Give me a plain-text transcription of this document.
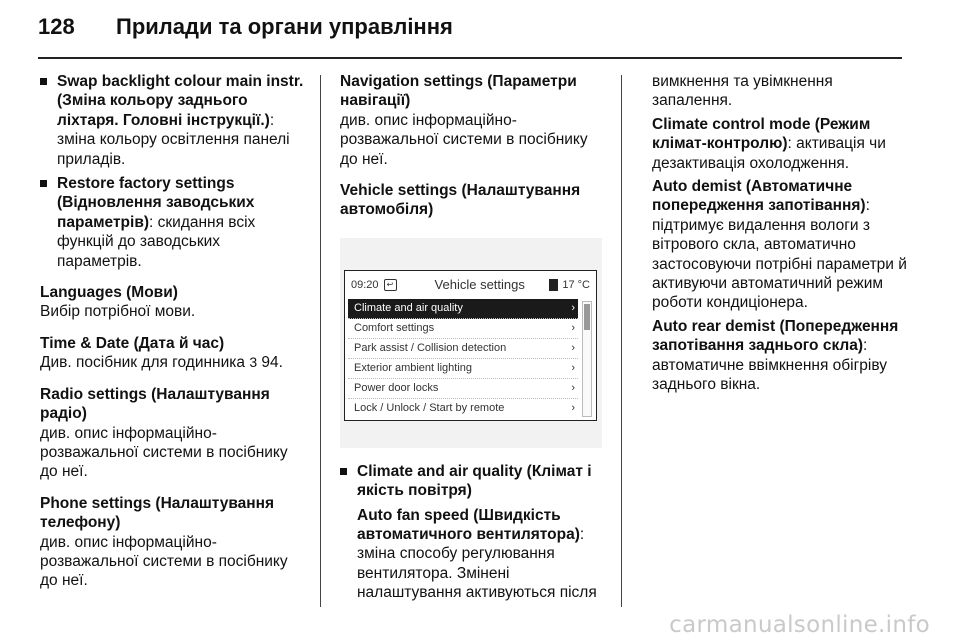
128	Прилади та органи управління
Swap backlight colour main instr. (Зміна кольору заднього ліхтаря. Головні інструкції.): зміна кольору освітлення панелі приладів.
Restore factory settings (Відновлення заводських параметрів): скидання всіх функцій до заводських параметрів.
Languages (Мови)
Вибір потрібної мови.
Time & Date (Дата й час)
Див. посібник для годинника 3 94.
Radio settings (Налаштування радіо)
див. опис інформаційно-розважальної системи в посібнику до неї.
Phone settings (Налаштування телефону)
див. опис інформаційно-розважальної системи в посібнику до неї.
Navigation settings (Параметри навігації)
див. опис інформаційно-розважальної системи в посібнику до неї.
Vehicle settings (Налаштування автомобіля)
09:20	↩	Vehicle settings	17 °C
Climate and air quality	›
Comfort settings	›
Park assist / Collision detection	›
Exterior ambient lighting	›
Power door locks	›
Lock / Unlock / Start by remote	›
Climate and air quality (Клімат і якість повітря)
Auto fan speed (Швидкість автоматичного вентилятора): зміна способу регулювання вентилятора. Змінені налаштування активуються після
вимкнення та увімкнення запалення.
Climate control mode (Режим клімат-контролю): активація чи дезактивація охолодження.
Auto demist (Автоматичне попередження запотівання): підтримує видалення вологи з вітрового скла, автоматично застосовуючи потрібні параметри й активуючи автоматичний режим роботи кондиціонера.
Auto rear demist (Попередження запотівання заднього скла): автоматичне ввімкнення обігріву заднього вікна.
carmanualsonline.info
